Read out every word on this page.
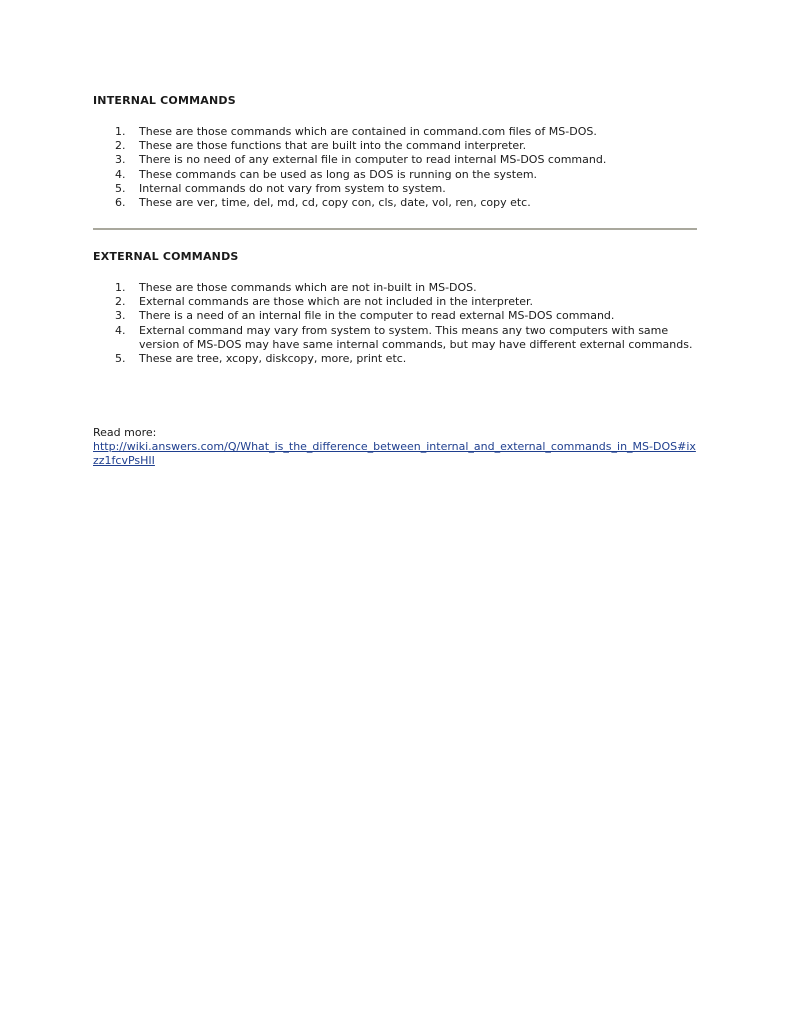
INTERNAL COMMANDS
1. These are those commands which are contained in command.com files of MS-DOS.
2. These are those functions that are built into the command interpreter.
3. There is no need of any external file in computer to read internal MS-DOS command.
4. These commands can be used as long as DOS is running on the system.
5. Internal commands do not vary from system to system.
6. These are ver, time, del, md, cd, copy con, cls, date, vol, ren, copy etc.
EXTERNAL COMMANDS
1. These are those commands which are not in-built in MS-DOS.
2. External commands are those which are not included in the interpreter.
3. There is a need of an internal file in the computer to read external MS-DOS command.
4. External command may vary from system to system. This means any two computers with same version of MS-DOS may have same internal commands, but may have different external commands.
5. These are tree, xcopy, diskcopy, more, print etc.
Read more:
http://wiki.answers.com/Q/What_is_the_difference_between_internal_and_external_commands_in_MS-DOS#ixzz1fcvPsHII
